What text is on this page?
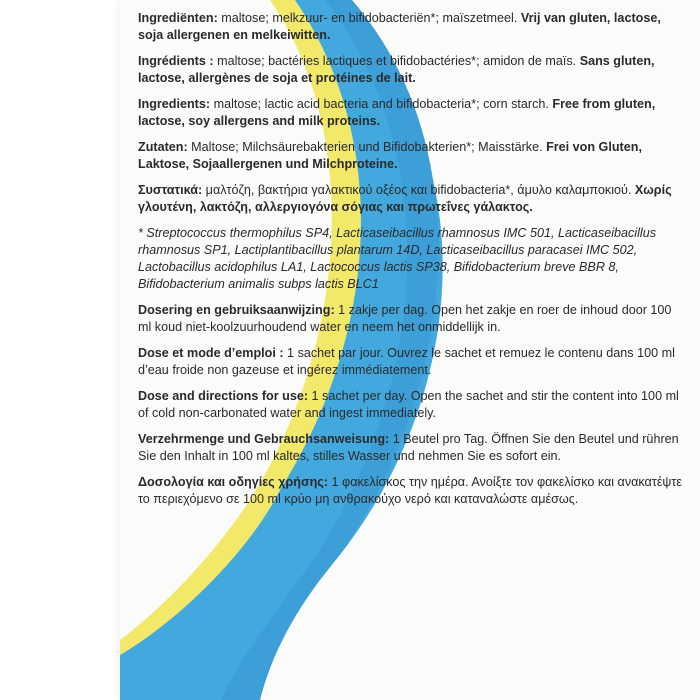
Ingrediënten: maltose; melkzuur- en bifidobacteriën*; maïszetmeel. Vrij van gluten, lactose, soja allergenen en melkeiwitten.

Ingrédients : maltose; bactéries lactiques et bifidobactéries*; amidon de maïs. Sans gluten, lactose, allergènes de soja et protéines de lait.

Ingredients: maltose; lactic acid bacteria and bifidobacteria*; corn starch. Free from gluten, lactose, soy allergens and milk proteins.

Zutaten: Maltose; Milchsäurebakterien und Bifidobakterien*; Maisstärke. Frei von Gluten, Laktose, Sojaallergenen und Milchproteine.

Συστατικά: μαλτόζη, βακτήρια γαλακτικού οξέος και bifidobacteria*, άμυλο καλαμποκιού. Χωρίς γλουτένη, λακτόζη, αλλεργιογόνα σόγιας και πρωτεΐνες γάλακτος.

* Streptococcus thermophilus SP4, Lacticaseibacillus rhamnosus IMC 501, Lacticaseibacillus rhamnosus SP1, Lactiplantibacillus plantarum 14D, Lacticaseibacillus paracasei IMC 502, Lactobacillus acidophilus LA1, Lactococcus lactis SP38, Bifidobacterium breve BBR 8, Bifidobacterium animalis subps lactis BLC1

Dosering en gebruiksaanwijzing: 1 zakje per dag. Open het zakje en roer de inhoud door 100 ml koud niet-koolzuurhoudend water en neem het onmiddellijk in.

Dose et mode d’emploi : 1 sachet par jour. Ouvrez le sachet et remuez le contenu dans 100 ml d’eau froide non gazeuse et ingérez immédiatement.

Dose and directions for use: 1 sachet per day. Open the sachet and stir the content into 100 ml of cold non-carbonated water and ingest immediately.

Verzehrmenge und Gebrauchsanweisung: 1 Beutel pro Tag. Öffnen Sie den Beutel und rühren Sie den Inhalt in 100 ml kaltes, stilles Wasser und nehmen Sie es sofort ein.

Δοσολογία και οδηγίες χρήσης: 1 φακελίσκος την ημέρα. Ανοίξτε τον φακελίσκο και ανακατέψτε το περιεχόμενο σε 100 ml κρύο μη ανθρακούχο νερό και καταναλώστε αμέσως.
